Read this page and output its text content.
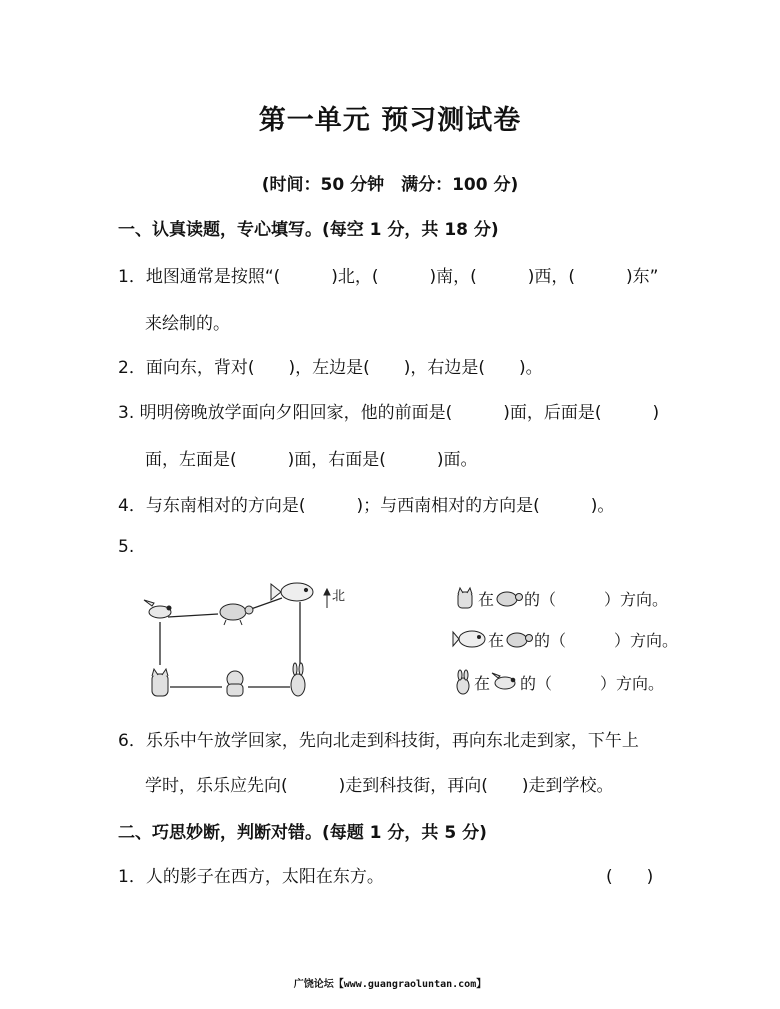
第一单元 预习测试卷
(时间：50 分钟　满分：100 分)
一、认真读题，专心填写。(每空 1 分，共 18 分)
1．地图通常是按照“(　　　)北，(　　　)南，(　　　)西，(　　　)东”
来绘制的。
2．面向东，背对(　　)，左边是(　　)，右边是(　　)。
3. 明明傍晚放学面向夕阳回家，他的前面是(　　　)面，后面是(　　　)
面，左面是(　　　)面，右面是(　　　)面。
4．与东南相对的方向是(　　　)；与西南相对的方向是(　　　)。
5.
北	在 的（　　　）方向。
在 的（　　　）方向。
在 的（　　　）方向。
6．乐乐中午放学回家，先向北走到科技街，再向东北走到家，下午上
学时，乐乐应先向(　　　)走到科技街，再向(　　)走到学校。
二、巧思妙断，判断对错。(每题 1 分，共 5 分)
1．人的影子在西方，太阳在东方。	(　　)
广饶论坛【www.guangraoluntan.com】
